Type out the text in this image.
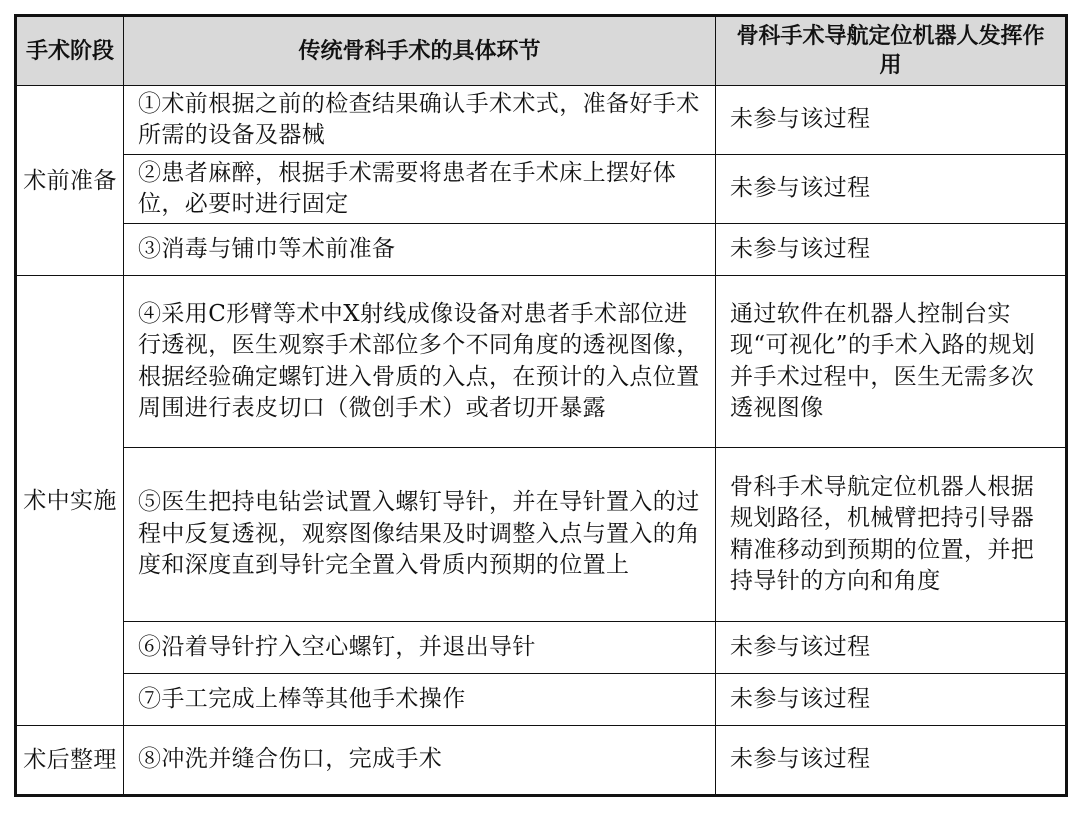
手术阶段	传统骨科手术的具体环节	骨科手术导航定位机器人发挥作用
术前准备	①术前根据之前的检查结果确认手术术式，准备好手术所需的设备及器械	未参与该过程
	②患者麻醉，根据手术需要将患者在手术床上摆好体位，必要时进行固定	未参与该过程
	③消毒与铺巾等术前准备	未参与该过程
术中实施	④采用C形臂等术中X射线成像设备对患者手术部位进行透视，医生观察手术部位多个不同角度的透视图像，根据经验确定螺钉进入骨质的入点，在预计的入点位置周围进行表皮切口（微创手术）或者切开暴露	通过软件在机器人控制台实现“可视化”的手术入路的规划并手术过程中，医生无需多次透视图像
	⑤医生把持电钻尝试置入螺钉导针，并在导针置入的过程中反复透视，观察图像结果及时调整入点与置入的角度和深度直到导针完全置入骨质内预期的位置上	骨科手术导航定位机器人根据规划路径，机械臂把持引导器精准移动到预期的位置，并把持导针的方向和角度
	⑥沿着导针拧入空心螺钉，并退出导针	未参与该过程
	⑦手工完成上棒等其他手术操作	未参与该过程
术后整理	⑧冲洗并缝合伤口，完成手术	未参与该过程
